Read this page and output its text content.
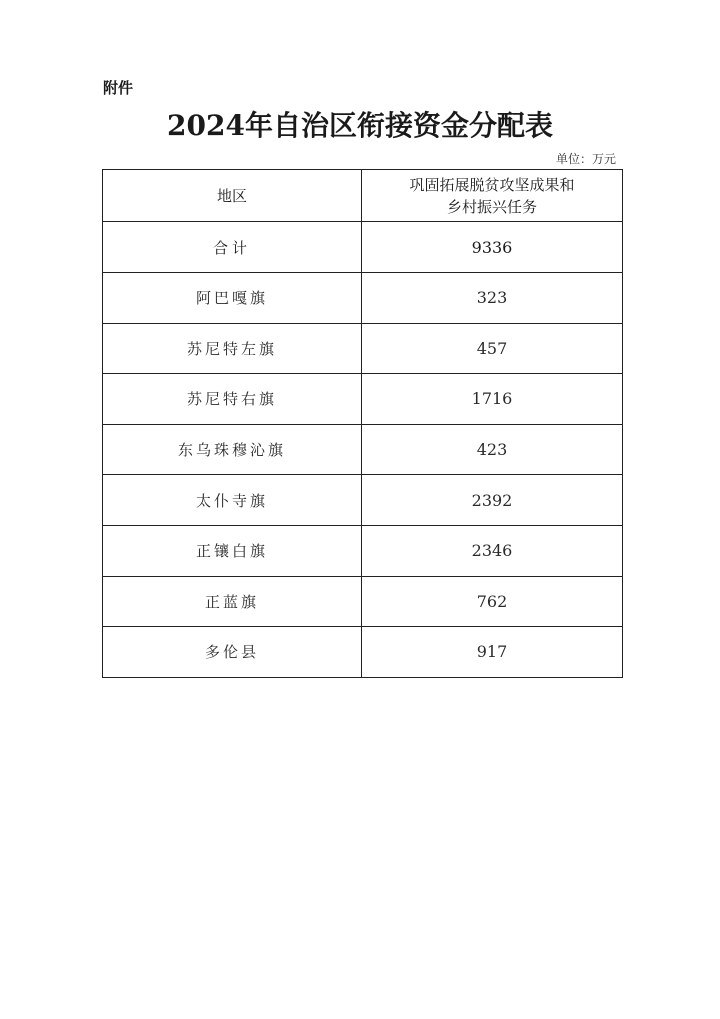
附件
2024年自治区衔接资金分配表
单位：万元
地区	巩固拓展脱贫攻坚成果和
乡村振兴任务

合计	9336
阿巴嘎旗	323
苏尼特左旗	457
苏尼特右旗	1716
东乌珠穆沁旗	423
太仆寺旗	2392
正镶白旗	2346
正蓝旗	762
多伦县	917
